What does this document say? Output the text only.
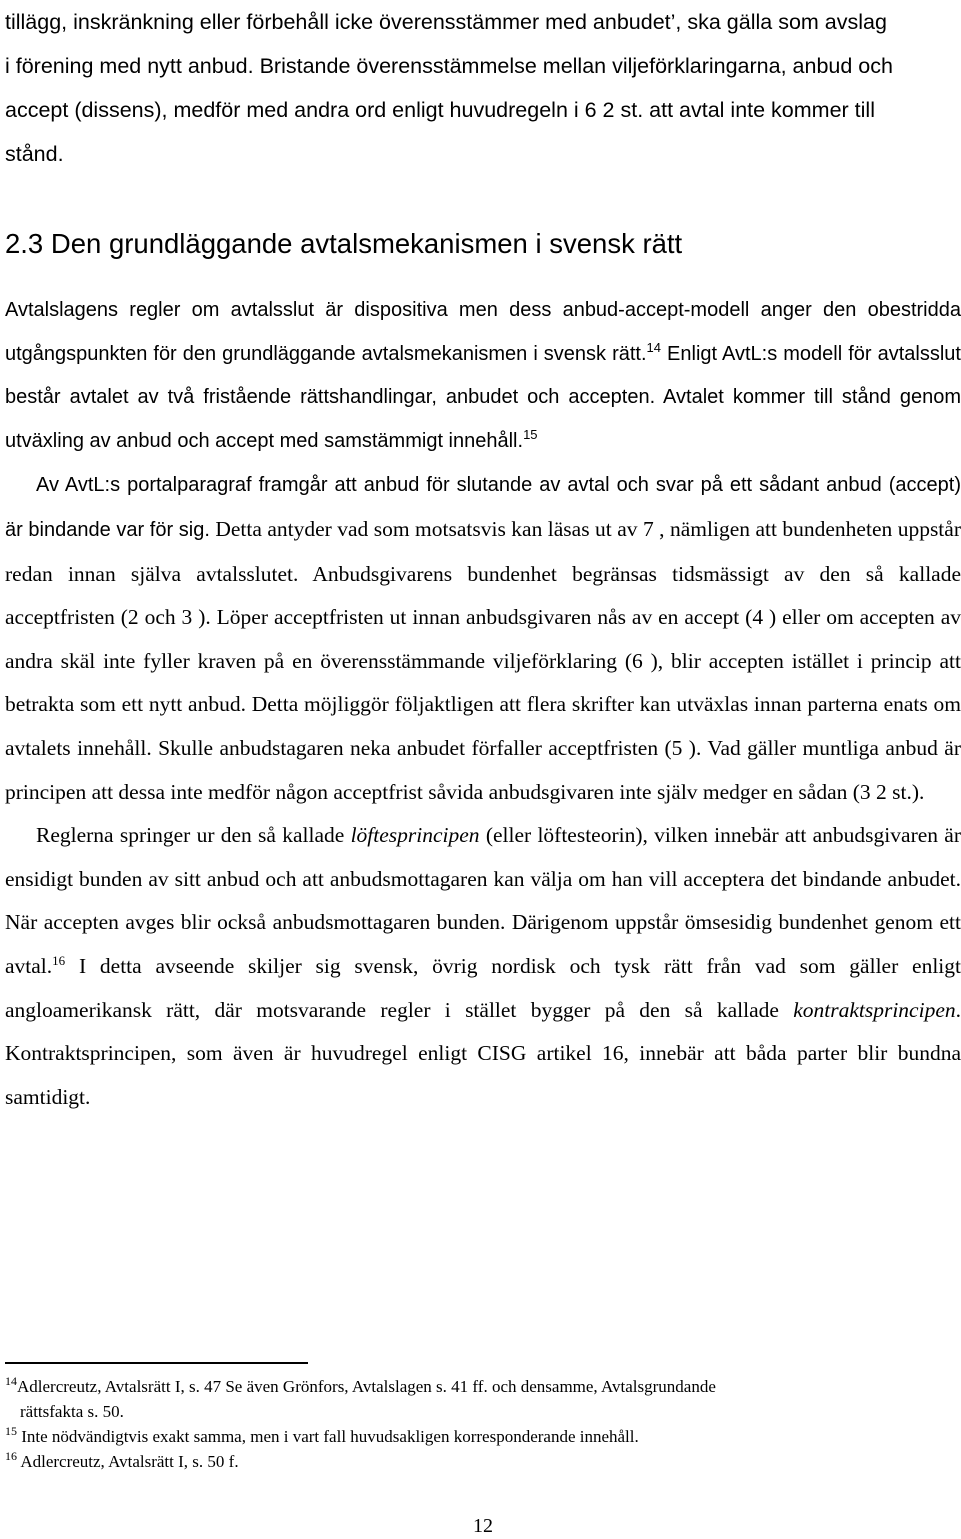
tillägg, inskränkning eller förbehåll icke överensstämmer med anbudet’, ska gälla som avslag
i förening med nytt anbud. Bristande överensstämmelse mellan viljeförklaringarna, anbud och
accept (dissens), medför med andra ord enligt huvudregeln i 6 2 st. att avtal inte kommer till
stånd.

2.3 Den grundläggande avtalsmekanismen i svensk rätt

Avtalslagens regler om avtalsslut är dispositiva men dess anbud-accept-modell anger den obestridda utgångspunkten för den grundläggande avtalsmekanismen i svensk rätt.$^{14}$ Enligt AvtL:s modell för avtalsslut består avtalet av två fristående rättshandlingar, anbudet och accepten. Avtalet kommer till stånd genom utväxling av anbud och accept med samstämmigt innehåll.$^{15}$

Av AvtL:s portalparagraf framgår att anbud för slutande av avtal och svar på ett sådant anbud (accept) är bindande var för sig. Detta antyder vad som motsatsvis kan läsas ut av 7 , nämligen att bundenheten uppstår redan innan själva avtalsslutet. Anbudsgivarens bundenhet begränsas tidsmässigt av den så kallade acceptfristen (2 och 3 ). Löper acceptfristen ut innan anbudsgivaren nås av en accept (4 ) eller om accepten av andra skäl inte fyller kraven på en överensstämmande viljeförklaring (6 ), blir accepten istället i princip att betrakta som ett nytt anbud. Detta möjliggör följaktligen att flera skrifter kan utväxlas innan parterna enats om avtalets innehåll. Skulle anbudstagaren neka anbudet förfaller acceptfristen (5 ). Vad gäller muntliga anbud är principen att dessa inte medför någon acceptfrist såvida anbudsgivaren inte själv medger en sådan (3 2 st.).

Reglerna springer ur den så kallade löftesprincipen (eller löftesteorin), vilken innebär att anbudsgivaren är ensidigt bunden av sitt anbud och att anbudsmottagaren kan välja om han vill acceptera det bindande anbudet. När accepten avges blir också anbudsmottagaren bunden. Därigenom uppstår ömsesidig bundenhet genom ett avtal.$^{16}$ I detta avseende skiljer sig svensk, övrig nordisk och tysk rätt från vad som gäller enligt angloamerikansk rätt, där motsvarande regler i stället bygger på den så kallade kontraktsprincipen. Kontraktsprincipen, som även är huvudregel enligt CISG artikel 16, innebär att båda parter blir bundna samtidigt.

$^{14}$Adlercreutz, Avtalsrätt I, s. 47 Se även Grönfors, Avtalslagen s. 41 ff. och densamme, Avtalsgrundande
rättsfakta s. 50.

$^{15}$ Inte nödvändigtvis exakt samma, men i vart fall huvudsakligen korresponderande innehåll.

$^{16}$ Adlercreutz, Avtalsrätt I, s. 50 f.

12
